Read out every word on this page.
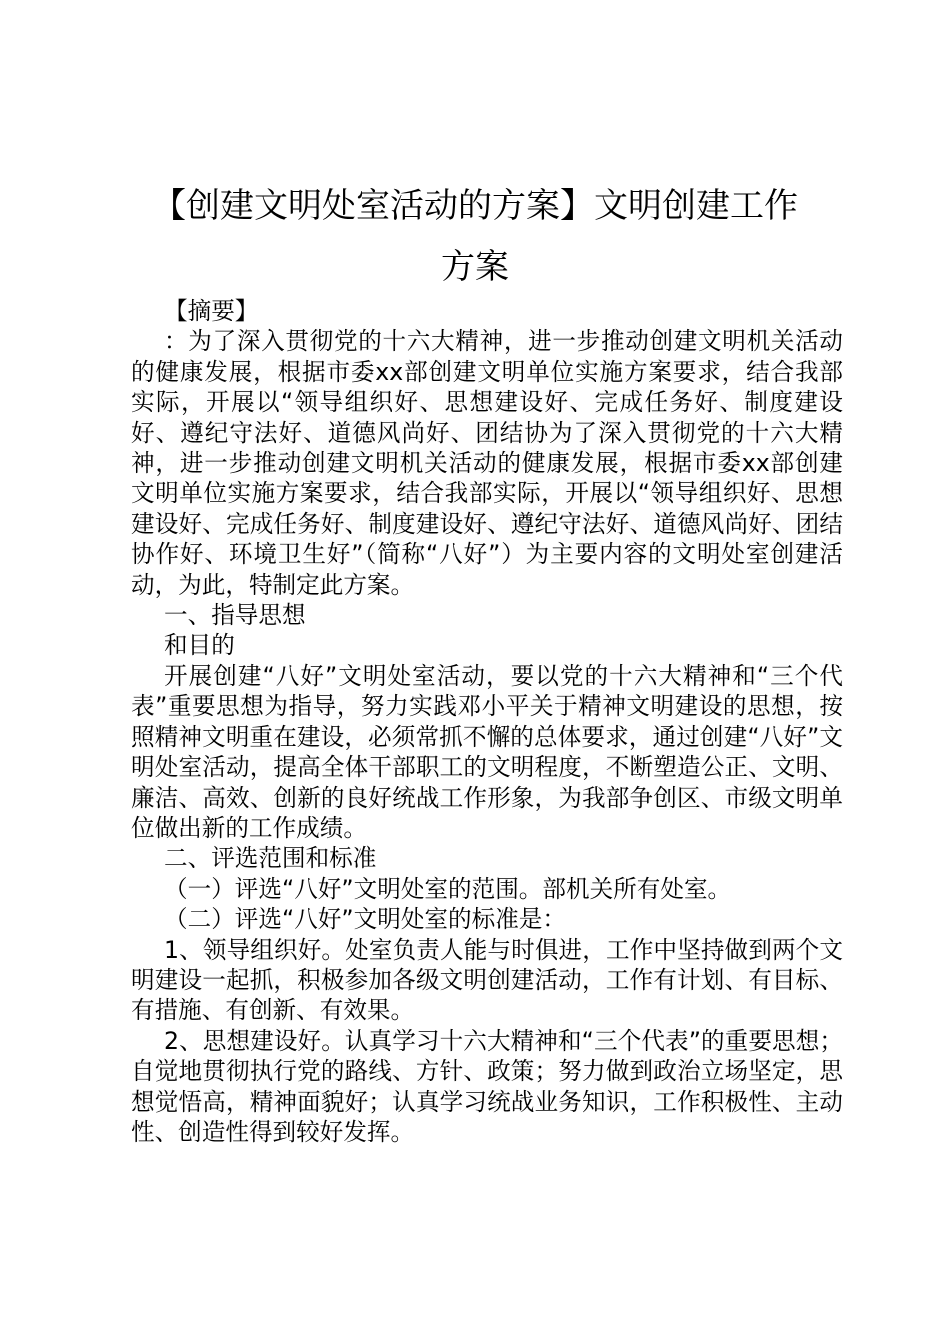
【创建文明处室活动的方案】文明创建工作
方案

【摘要】

：为了深入贯彻党的十六大精神，进一步推动创建文明机关活动的健康发展，根据市委xx部创建文明单位实施方案要求，结合我部实际，开展以“领导组织好、思想建设好、完成任务好、制度建设好、遵纪守法好、道德风尚好、团结协为了深入贯彻党的十六大精神，进一步推动创建文明机关活动的健康发展，根据市委xx部创建文明单位实施方案要求，结合我部实际，开展以“领导组织好、思想建设好、完成任务好、制度建设好、遵纪守法好、道德风尚好、团结协作好、环境卫生好”（简称“八好”）为主要内容的文明处室创建活动，为此，特制定此方案。

一、指导思想

和目的

开展创建“八好”文明处室活动，要以党的十六大精神和“三个代表”重要思想为指导，努力实践邓小平关于精神文明建设的思想，按照精神文明重在建设，必须常抓不懈的总体要求，通过创建“八好”文明处室活动，提高全体干部职工的文明程度，不断塑造公正、文明、廉洁、高效、创新的良好统战工作形象，为我部争创区、市级文明单位做出新的工作成绩。

二、评选范围和标准

（一）评选“八好”文明处室的范围。部机关所有处室。

（二）评选“八好”文明处室的标准是：

1、领导组织好。处室负责人能与时俱进，工作中坚持做到两个文明建设一起抓，积极参加各级文明创建活动，工作有计划、有目标、有措施、有创新、有效果。

2、思想建设好。认真学习十六大精神和“三个代表”的重要思想；自觉地贯彻执行党的路线、方针、政策；努力做到政治立场坚定，思想觉悟高，精神面貌好；认真学习统战业务知识，工作积极性、主动性、创造性得到较好发挥。
